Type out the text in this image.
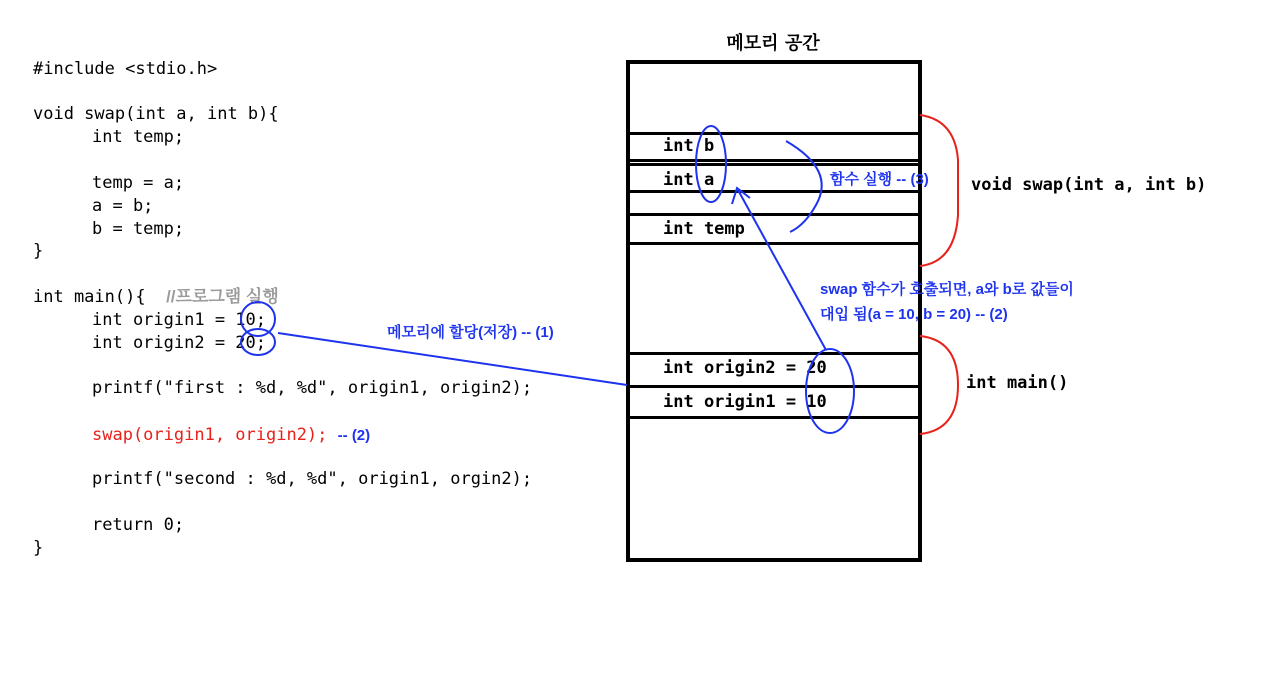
#include <stdio.h>
void swap(int a, int b){
int temp;
temp = a;
a = b;
b = temp;
}
int main(){ //프로그램 실행
int origin1 = 10;
int origin2 = 20;
printf("first : %d, %d", origin1, origin2);
swap(origin1, origin2); -- (2)
printf("second : %d, %d", origin1, orgin2);
return 0;
}
메모리 공간
int b
int a
int temp
int origin2 = 20
int origin1 = 10
void swap(int a, int b)
int main()
메모리에 할당(저장) -- (1)
함수 실행 -- (3)
swap 함수가 호출되면, a와 b로 값들이
대입 됨(a = 10, b = 20) -- (2)
